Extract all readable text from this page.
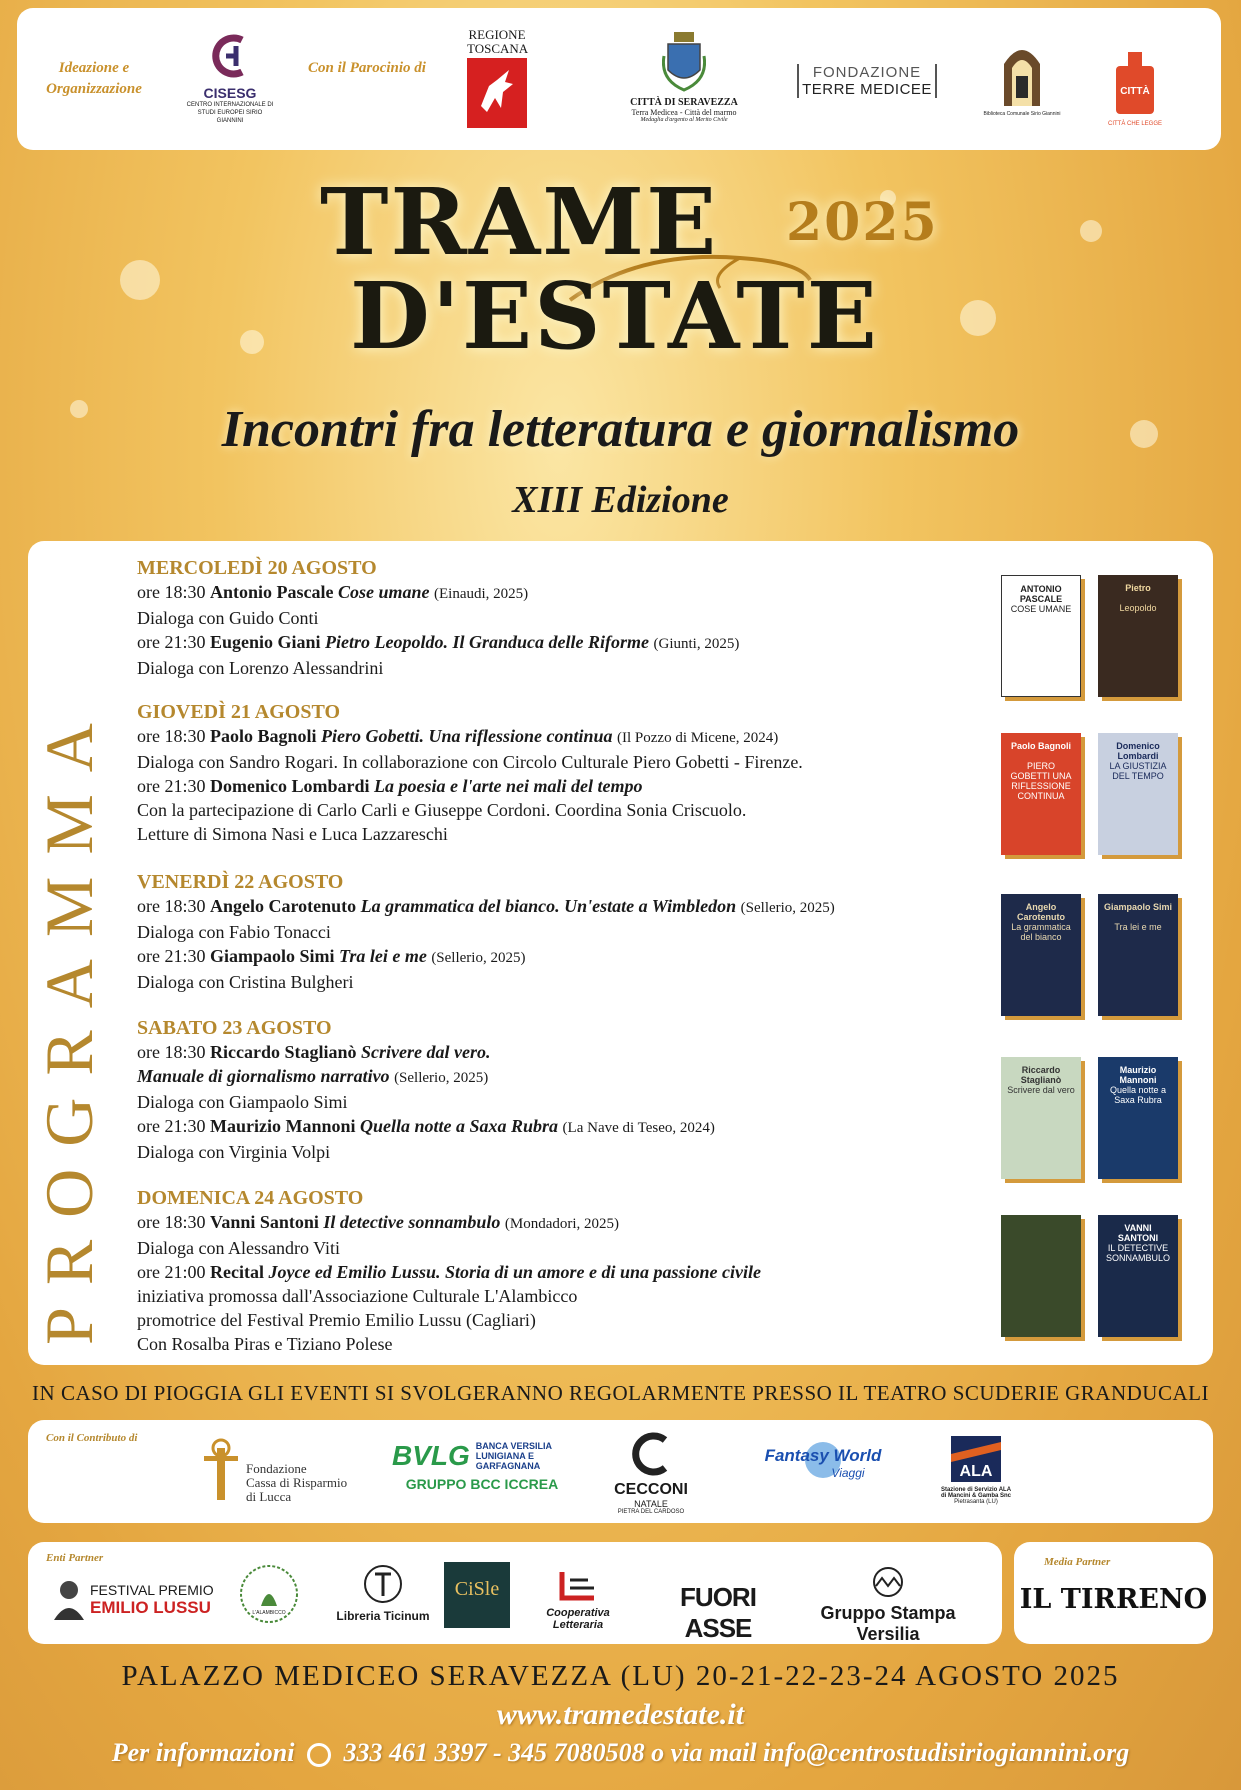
Ideazione e Organizzazione	CISESG
CENTRO INTERNAZIONALE DI STUDI EUROPEI SIRIO GIANNINI
Con il Parocinio di
REGIONE TOSCANA
CITTÀ DI SERAVEZZA
Terra Medicea - Città del marmo
Medaglia d'argento al Merito Civile
FONDAZIONE
TERRE MEDICEE
Biblioteca Comunale Sirio Giannini
CITTÀ
CITTÀ CHE LEGGE
TRAME 2025
D'ESTATE
Incontri fra letteratura e giornalismo
XIII Edizione
PROGRAMMA
MERCOLEDÌ 20 AGOSTO
ore 18:30 Antonio Pascale Cose umane (Einaudi, 2025)
Dialoga con Guido Conti
ore 21:30 Eugenio Giani Pietro Leopoldo. Il Granduca delle Riforme (Giunti, 2025)
Dialoga con Lorenzo Alessandrini
GIOVEDÌ 21 AGOSTO
ore 18:30 Paolo Bagnoli Piero Gobetti. Una riflessione continua (Il Pozzo di Micene, 2024)
Dialoga con Sandro Rogari. In collaborazione con Circolo Culturale Piero Gobetti - Firenze.
ore 21:30 Domenico Lombardi La poesia e l'arte nei mali del tempo
Con la partecipazione di Carlo Carli e Giuseppe Cordoni. Coordina Sonia Criscuolo.
Letture di Simona Nasi e Luca Lazzareschi
VENERDÌ 22 AGOSTO
ore 18:30 Angelo Carotenuto La grammatica del bianco. Un'estate a Wimbledon (Sellerio, 2025)
Dialoga con Fabio Tonacci
ore 21:30 Giampaolo Simi Tra lei e me (Sellerio, 2025)
Dialoga con Cristina Bulgheri
SABATO 23 AGOSTO
ore 18:30 Riccardo Staglianò Scrivere dal vero.
Manuale di giornalismo narrativo (Sellerio, 2025)
Dialoga con Giampaolo Simi
ore 21:30 Maurizio Mannoni Quella notte a Saxa Rubra (La Nave di Teseo, 2024)
Dialoga con Virginia Volpi
DOMENICA 24 AGOSTO
ore 18:30 Vanni Santoni Il detective sonnambulo (Mondadori, 2025)
Dialoga con Alessandro Viti
ore 21:00 Recital Joyce ed Emilio Lussu. Storia di un amore e di una passione civile
iniziativa promossa dall'Associazione Culturale L'Alambicco
promotrice del Festival Premio Emilio Lussu (Cagliari)
Con Rosalba Piras e Tiziano Polese
ANTONIO PASCALE
COSE UMANE
Pietro
Leopoldo
Paolo Bagnoli
PIERO GOBETTI UNA RIFLESSIONE CONTINUA
Domenico Lombardi
LA GIUSTIZIA DEL TEMPO
Angelo Carotenuto
La grammatica del bianco
Giampaolo Simi
Tra lei e me
Riccardo Staglianò
Scrivere dal vero
Maurizio Mannoni
Quella notte a Saxa Rubra
VANNI SANTONI
IL DETECTIVE SONNAMBULO
IN CASO DI PIOGGIA GLI EVENTI SI SVOLGERANNO REGOLARMENTE PRESSO IL TEATRO SCUDERIE GRANDUCALI
Con il Contributo di
Fondazione
Cassa di Risparmio
di Lucca
BVLG BANCA VERSILIA LUNIGIANA E GARFAGNANA
GRUPPO BCC ICCREA	CECCONI
NATALE
PIETRA DEL CARDOSO
Fantasy World
Viaggi	ALA
Stazione di Servizio ALA
di Mancini & Gamba Snc
Pietrasanta (LU)
Enti Partner
FESTIVAL PREMIO
EMILIO LUSSU	L'ALAMBICCO	Libreria Ticinum
CiSle
Cooperativa Letteraria
FUORI ASSE	Gruppo Stampa Versilia
Media Partner
IL TIRRENO
PALAZZO MEDICEO SERAVEZZA (LU) 20-21-22-23-24 AGOSTO 2025
www.tramedestate.it
Per informazioni 333 461 3397 - 345 7080508 o via mail info@centrostudisiriogiannini.org
